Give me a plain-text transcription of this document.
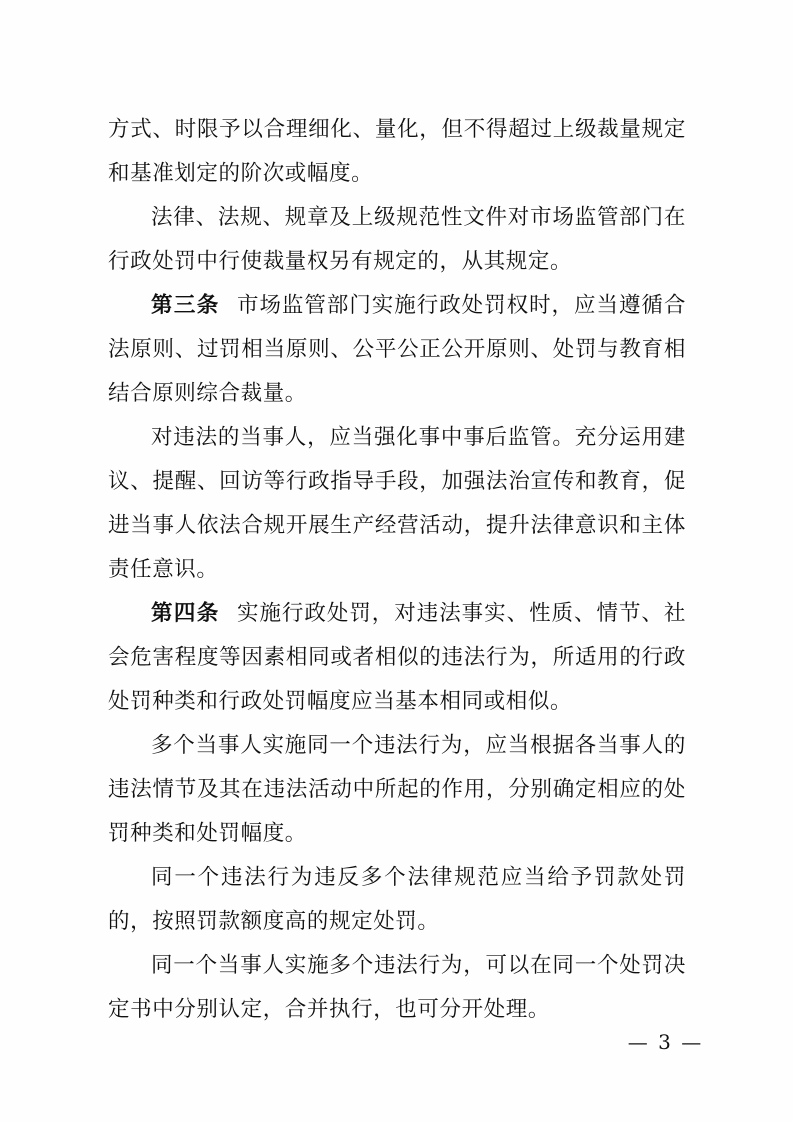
方式、时限予以合理细化、量化，但不得超过上级裁量规定和基准划定的阶次或幅度。

法律、法规、规章及上级规范性文件对市场监管部门在行政处罚中行使裁量权另有规定的，从其规定。

第三条 市场监管部门实施行政处罚权时，应当遵循合法原则、过罚相当原则、公平公正公开原则、处罚与教育相结合原则综合裁量。

对违法的当事人，应当强化事中事后监管。充分运用建议、提醒、回访等行政指导手段，加强法治宣传和教育，促进当事人依法合规开展生产经营活动，提升法律意识和主体责任意识。

第四条 实施行政处罚，对违法事实、性质、情节、社会危害程度等因素相同或者相似的违法行为，所适用的行政处罚种类和行政处罚幅度应当基本相同或相似。

多个当事人实施同一个违法行为，应当根据各当事人的违法情节及其在违法活动中所起的作用，分别确定相应的处罚种类和处罚幅度。

同一个违法行为违反多个法律规范应当给予罚款处罚的，按照罚款额度高的规定处罚。

同一个当事人实施多个违法行为，可以在同一个处罚决定书中分别认定，合并执行，也可分开处理。

— 3 —
